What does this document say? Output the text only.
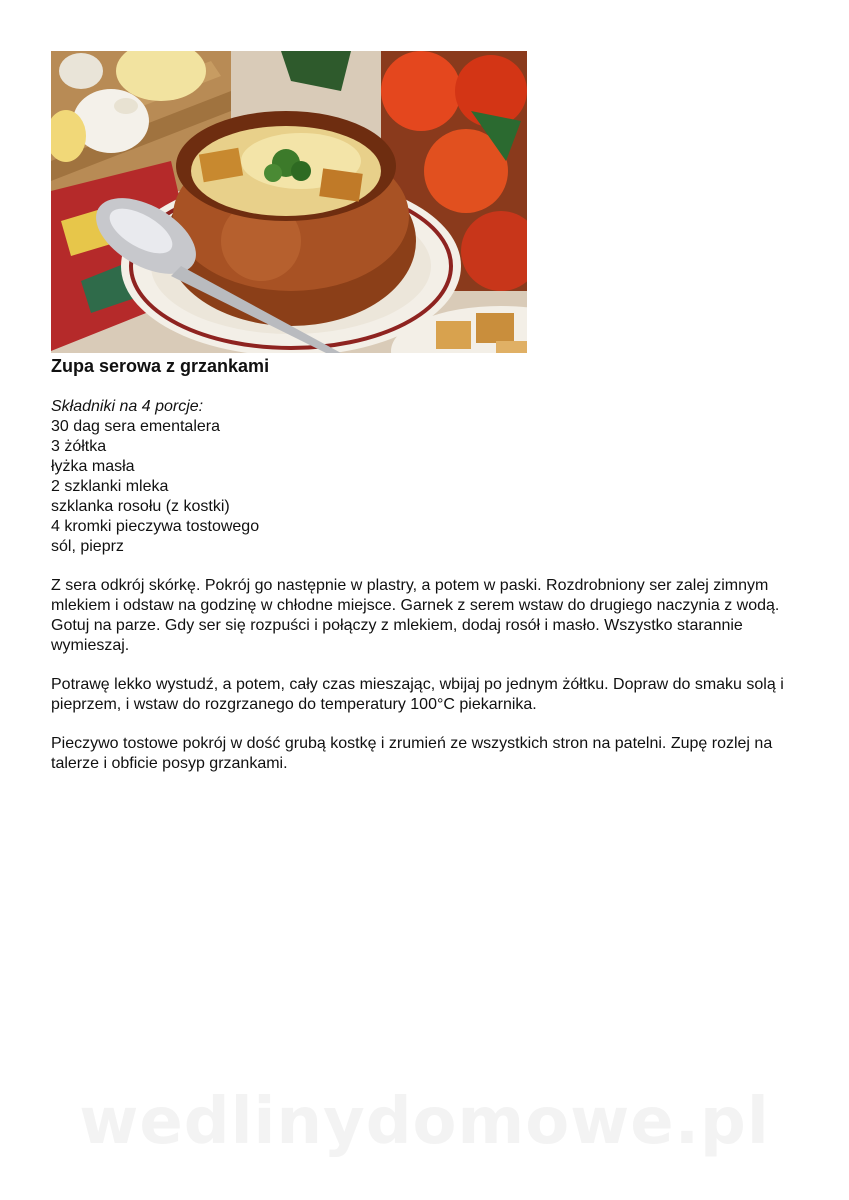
Zupa serowa z grzankami
Składniki na 4 porcje:
30 dag sera ementalera
3 żółtka
łyżka masła
2 szklanki mleka
szklanka rosołu (z kostki)
4 kromki pieczywa tostowego
sól, pieprz

Z sera odkrój skórkę. Pokrój go następnie w plastry, a potem w paski. Rozdrobniony ser zalej zimnym mlekiem i odstaw na godzinę w chłodne miejsce. Garnek z serem wstaw do drugiego naczynia z wodą. Gotuj na parze. Gdy ser się rozpuści i połączy z mlekiem, dodaj rosół i masło. Wszystko starannie wymieszaj.

Potrawę lekko wystudź, a potem, cały czas mieszając, wbijaj po jednym żółtku. Dopraw do smaku solą i pieprzem, i wstaw do rozgrzanego do temperatury 100°C piekarnika.

Pieczywo tostowe pokrój w dość grubą kostkę i zrumień ze wszystkich stron na patelni. Zupę rozlej na talerze i obficie posyp grzankami.

wedlinydomowe.pl
